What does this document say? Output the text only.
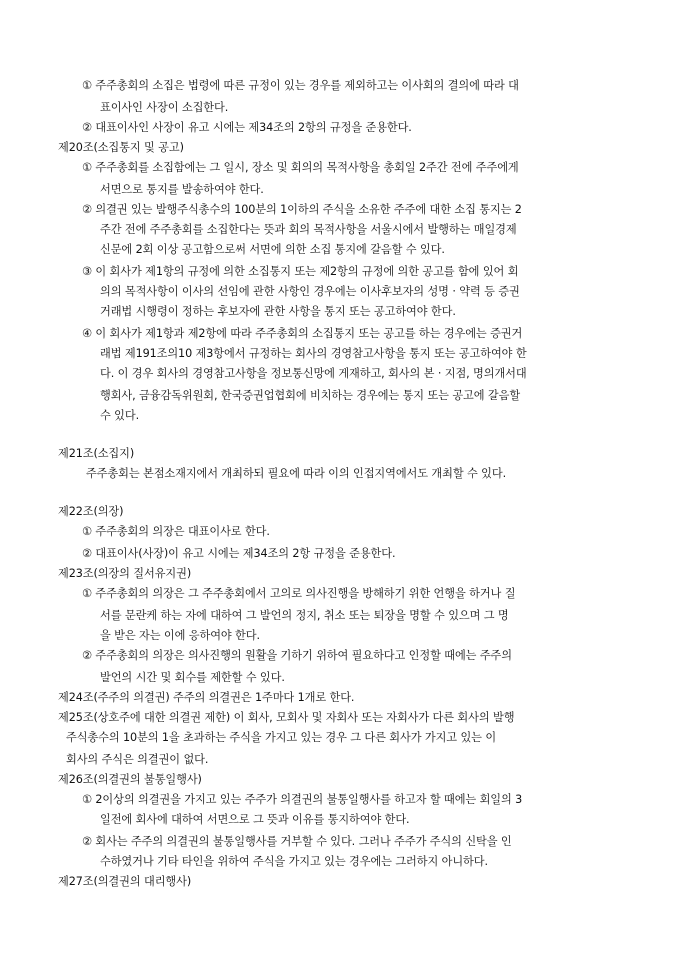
① 주주총회의 소집은 법령에 따른 규정이 있는 경우를 제외하고는 이사회의 결의에 따라 대
표이사인 사장이 소집한다.
② 대표이사인 사장이 유고 시에는 제34조의 2항의 규정을 준용한다.
제20조(소집통지 및 공고)
① 주주총회를 소집함에는 그 일시, 장소 및 회의의 목적사항을 총회일 2주간 전에 주주에게
서면으로 통지를 발송하여야 한다.
② 의결권 있는 발행주식총수의 100분의 1이하의 주식을 소유한 주주에 대한 소집 통지는 2
주간 전에 주주총회를 소집한다는 뜻과 회의 목적사항을 서울시에서 발행하는 매일경제
신문에 2회 이상 공고함으로써 서면에 의한 소집 통지에 갈음할 수 있다.
③ 이 회사가 제1항의 규정에 의한 소집통지 또는 제2항의 규정에 의한 공고를 함에 있어 회
의의 목적사항이 이사의 선임에 관한 사항인 경우에는 이사후보자의 성명 · 약력 등 증권
거래법 시행령이 정하는 후보자에 관한 사항을 통지 또는 공고하여야 한다.
④ 이 회사가 제1항과 제2항에 따라 주주총회의 소집통지 또는 공고를 하는 경우에는 증권거
래법 제191조의10 제3항에서 규정하는 회사의 경영참고사항을 통지 또는 공고하여야 한
다. 이 경우 회사의 경영참고사항을 정보통신망에 게재하고, 회사의 본 · 지점, 명의개서대
행회사, 금융감독위원회, 한국증권업협회에 비치하는 경우에는 통지 또는 공고에 갈음할
수 있다.
제21조(소집지)
주주총회는 본점소재지에서 개최하되 필요에 따라 이의 인접지역에서도 개최할 수 있다.
제22조(의장)
① 주주총회의 의장은 대표이사로 한다.
② 대표이사(사장)이 유고 시에는 제34조의 2항 규정을 준용한다.
제23조(의장의 질서유지권)
① 주주총회의 의장은 그 주주총회에서 고의로 의사진행을 방해하기 위한 언행을 하거나 질
서를 문란케 하는 자에 대하여 그 발언의 정지, 취소 또는 퇴장을 명할 수 있으며 그 명
을 받은 자는 이에 응하여야 한다.
② 주주총회의 의장은 의사진행의 원활을 기하기 위하여 필요하다고 인정할 때에는 주주의
발언의 시간 및 회수를 제한할 수 있다.
제24조(주주의 의결권) 주주의 의결권은 1주마다 1개로 한다.
제25조(상호주에 대한 의결권 제한) 이 회사, 모회사 및 자회사 또는 자회사가 다른 회사의 발행
주식총수의 10분의 1을 초과하는 주식을 가지고 있는 경우 그 다른 회사가 가지고 있는 이
회사의 주식은 의결권이 없다.
제26조(의결권의 불통일행사)
① 2이상의 의결권을 가지고 있는 주주가 의결권의 불통일행사를 하고자 할 때에는 회일의 3
일전에 회사에 대하여 서면으로 그 뜻과 이유를 통지하여야 한다.
② 회사는 주주의 의결권의 불통일행사를 거부할 수 있다. 그러나 주주가 주식의 신탁을 인
수하였거나 기타 타인을 위하여 주식을 가지고 있는 경우에는 그러하지 아니하다.
제27조(의결권의 대리행사)
